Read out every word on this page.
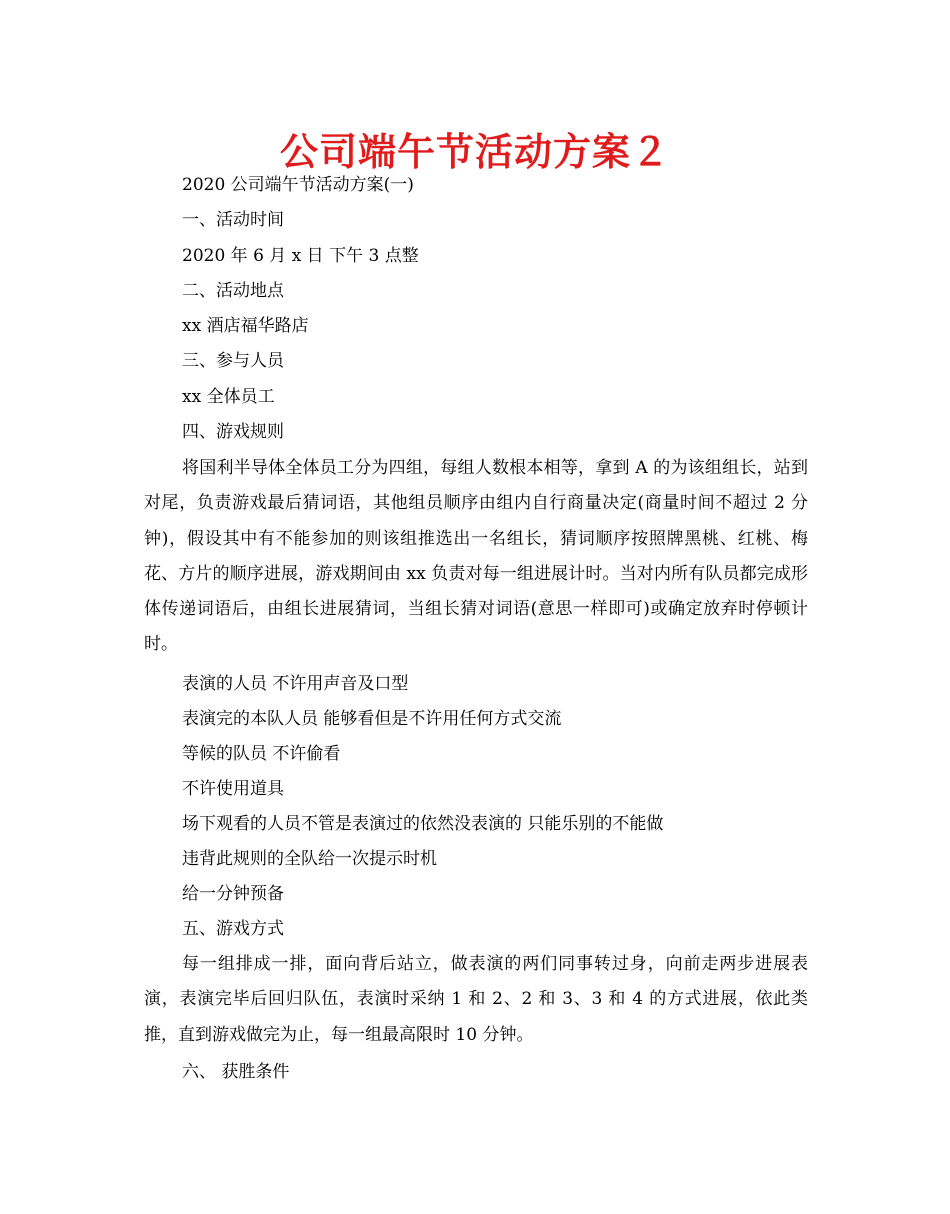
公司端午节活动方案２
2020 公司端午节活动方案(一)
一、活动时间
2020 年 6 月 x 日 下午 3 点整
二、活动地点
xx 酒店福华路店
三、参与人员
xx 全体员工
四、游戏规则
将国利半导体全体员工分为四组，每组人数根本相等，拿到 A 的为该组组长，站到对尾，负责游戏最后猜词语，其他组员顺序由组内自行商量决定(商量时间不超过 2 分钟)，假设其中有不能参加的则该组推选出一名组长，猜词顺序按照牌黑桃、红桃、梅花、方片的顺序进展，游戏期间由 xx 负责对每一组进展计时。当对内所有队员都完成形体传递词语后，由组长进展猜词，当组长猜对词语(意思一样即可)或确定放弃时停顿计时。
表演的人员 不许用声音及口型
表演完的本队人员 能够看但是不许用任何方式交流
等候的队员 不许偷看
不许使用道具
场下观看的人员不管是表演过的依然没表演的 只能乐别的不能做
违背此规则的全队给一次提示时机
给一分钟预备
五、游戏方式
每一组排成一排，面向背后站立，做表演的两们同事转过身，向前走两步进展表演，表演完毕后回归队伍，表演时采纳 1 和 2、2 和 3、3 和 4 的方式进展，依此类推，直到游戏做完为止，每一组最高限时 10 分钟。
六、 获胜条件
